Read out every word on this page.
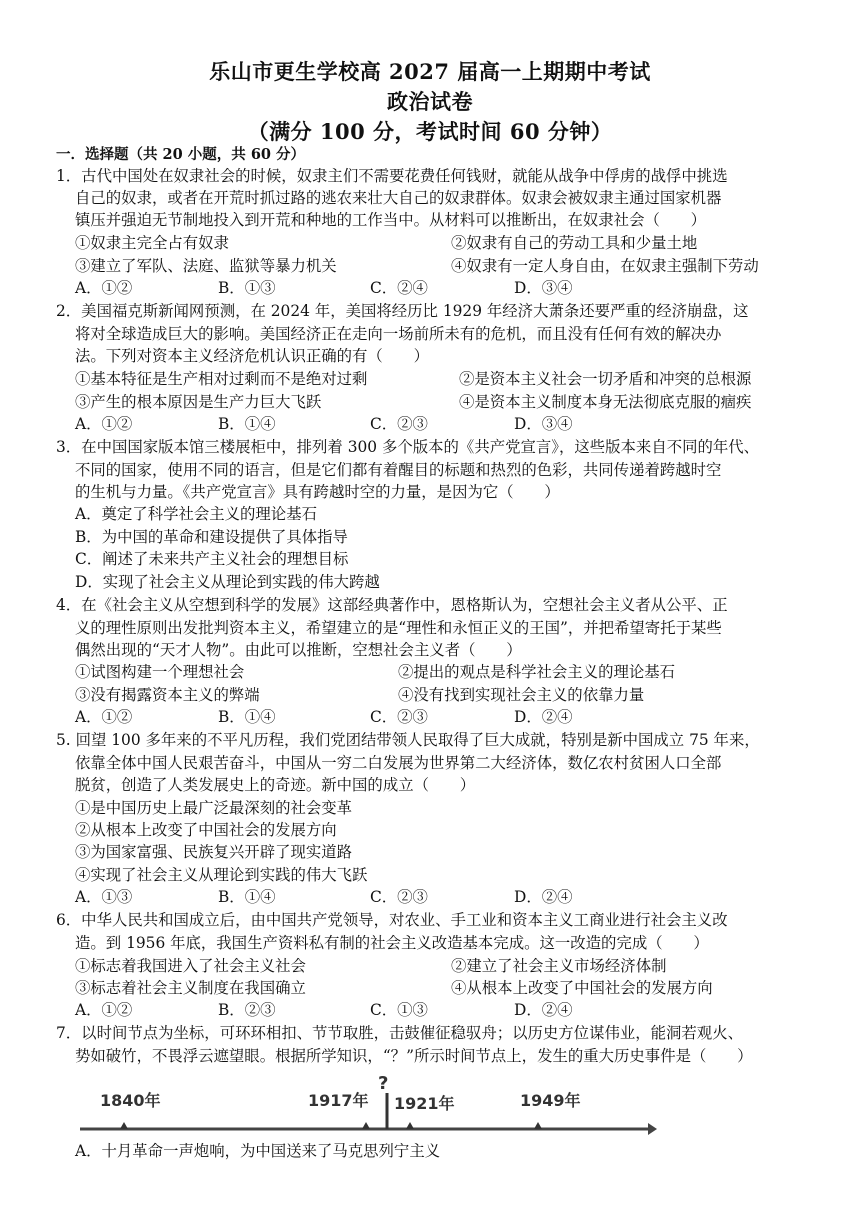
乐山市更生学校高 2027 届高一上期期中考试
政治试卷
（满分 100 分，考试时间 60 分钟）
一．选择题（共 20 小题，共 60 分）
1．古代中国处在奴隶社会的时候，奴隶主们不需要花费任何钱财，就能从战争中俘虏的战俘中挑选
自己的奴隶，或者在开荒时抓过路的逃农来壮大自己的奴隶群体。奴隶会被奴隶主通过国家机器
镇压并强迫无节制地投入到开荒和种地的工作当中。从材料可以推断出，在奴隶社会（　　）
①奴隶主完全占有奴隶	②奴隶有自己的劳动工具和少量土地
③建立了军队、法庭、监狱等暴力机关	④奴隶有一定人身自由，在奴隶主强制下劳动
A．①②	B．①③	C．②④	D．③④
2．美国福克斯新闻网预测，在 2024 年，美国将经历比 1929 年经济大萧条还要严重的经济崩盘，这
将对全球造成巨大的影响。美国经济正在走向一场前所未有的危机，而且没有任何有效的解决办
法。下列对资本主义经济危机认识正确的有（　　）
①基本特征是生产相对过剩而不是绝对过剩	②是资本主义社会一切矛盾和冲突的总根源
③产生的根本原因是生产力巨大飞跃	④是资本主义制度本身无法彻底克服的痼疾
A．①②	B．①④	C．②③	D．③④
3．在中国国家版本馆三楼展柜中，排列着 300 多个版本的《共产党宣言》，这些版本来自不同的年代、
不同的国家，使用不同的语言，但是它们都有着醒目的标题和热烈的色彩，共同传递着跨越时空
的生机与力量。《共产党宣言》具有跨越时空的力量，是因为它（　　）
A．奠定了科学社会主义的理论基石
B．为中国的革命和建设提供了具体指导
C．阐述了未来共产主义社会的理想目标
D．实现了社会主义从理论到实践的伟大跨越
4．在《社会主义从空想到科学的发展》这部经典著作中，恩格斯认为，空想社会主义者从公平、正
义的理性原则出发批判资本主义，希望建立的是“理性和永恒正义的王国”，并把希望寄托于某些
偶然出现的“天才人物”。由此可以推断，空想社会主义者（　　）
①试图构建一个理想社会	②提出的观点是科学社会主义的理论基石
③没有揭露资本主义的弊端	④没有找到实现社会主义的依靠力量
A．①②	B．①④	C．②③	D．②④
5. 回望 100 多年来的不平凡历程，我们党团结带领人民取得了巨大成就，特别是新中国成立 75 年来，
依靠全体中国人民艰苦奋斗，中国从一穷二白发展为世界第二大经济体，数亿农村贫困人口全部
脱贫，创造了人类发展史上的奇迹。新中国的成立（　　）
①是中国历史上最广泛最深刻的社会变革
②从根本上改变了中国社会的发展方向
③为国家富强、民族复兴开辟了现实道路
④实现了社会主义从理论到实践的伟大飞跃
A．①③	B．①④	C．②③	D．②④
6．中华人民共和国成立后，由中国共产党领导，对农业、手工业和资本主义工商业进行社会主义改
造。到 1956 年底，我国生产资料私有制的社会主义改造基本完成。这一改造的完成（　　）
①标志着我国进入了社会主义社会	②建立了社会主义市场经济体制
③标志着社会主义制度在我国确立	④从根本上改变了中国社会的发展方向
A．①②	B．②③	C．①③	D．②④
7．以时间节点为坐标，可环环相扣、节节取胜，击鼓催征稳驭舟；以历史方位谋伟业，能洞若观火、
势如破竹，不畏浮云遮望眼。根据所学知识，“？”所示时间节点上，发生的重大历史事件是（　　）
1840年	1917年
?
1921年	1949年
A．十月革命一声炮响，为中国送来了马克思列宁主义
